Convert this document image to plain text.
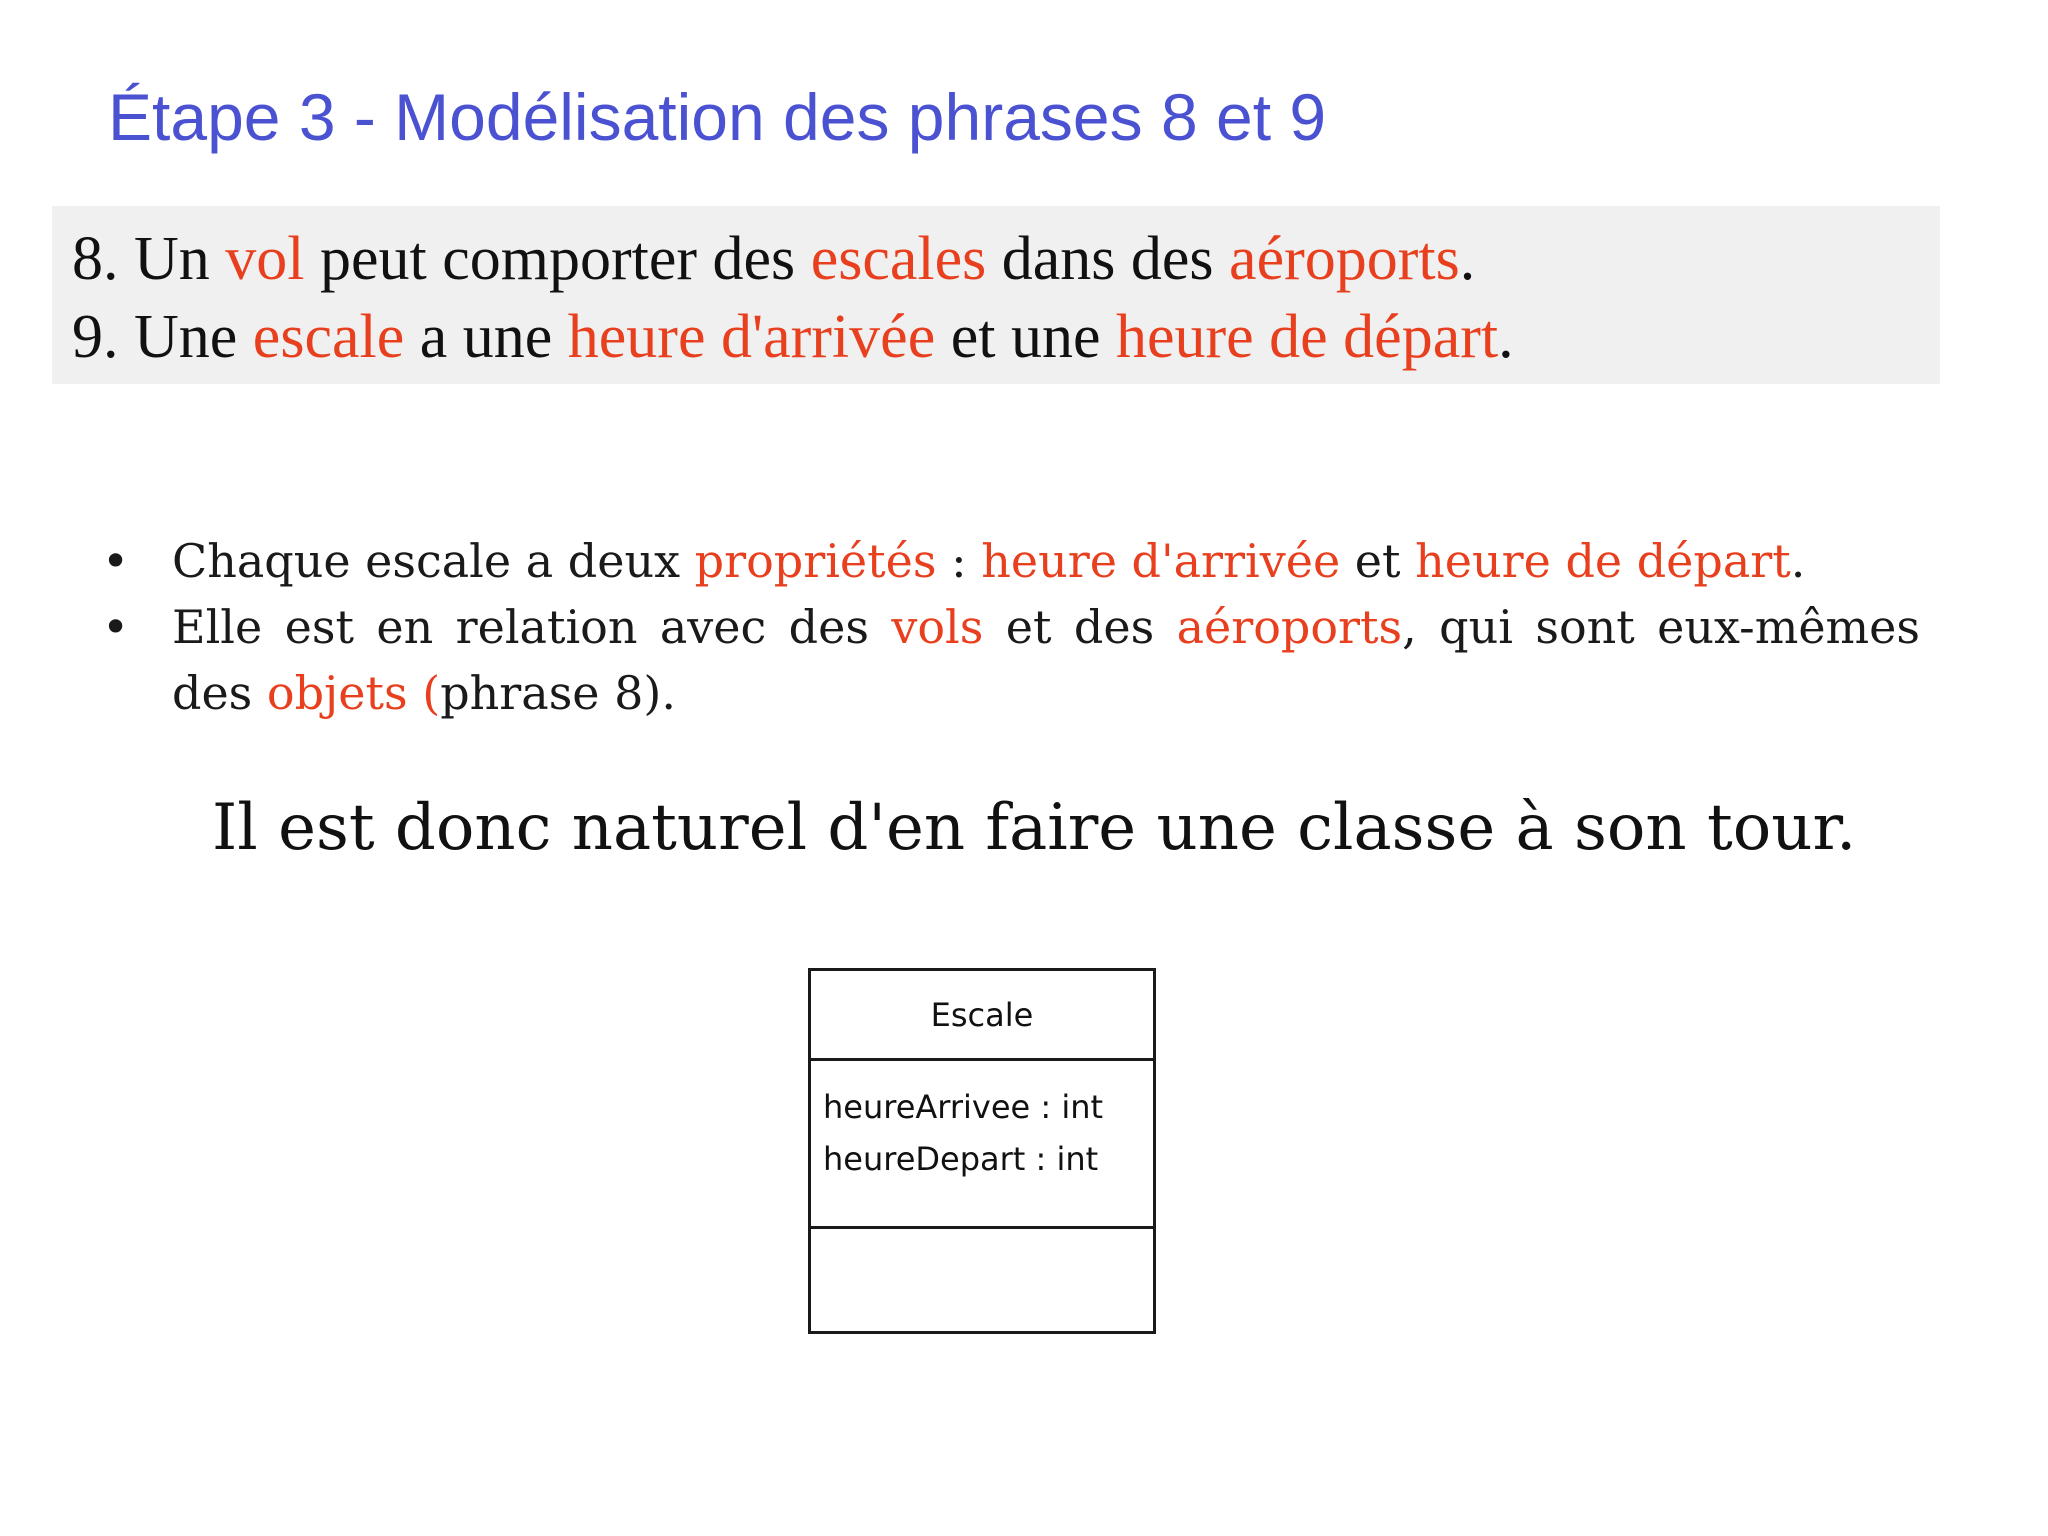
Étape 3 - Modélisation des phrases 8 et 9
8. Un vol peut comporter des escales dans des aéroports.
9. Une escale a une heure d'arrivée et une heure de départ.
• Chaque escale a deux propriétés : heure d'arrivée et heure de départ.
• Elle est en relation avec des vols et des aéroports, qui sont eux-mêmes des objets (phrase 8).
Il est donc naturel d'en faire une classe à son tour.
Escale
heureArrivee : int
heureDepart : int
